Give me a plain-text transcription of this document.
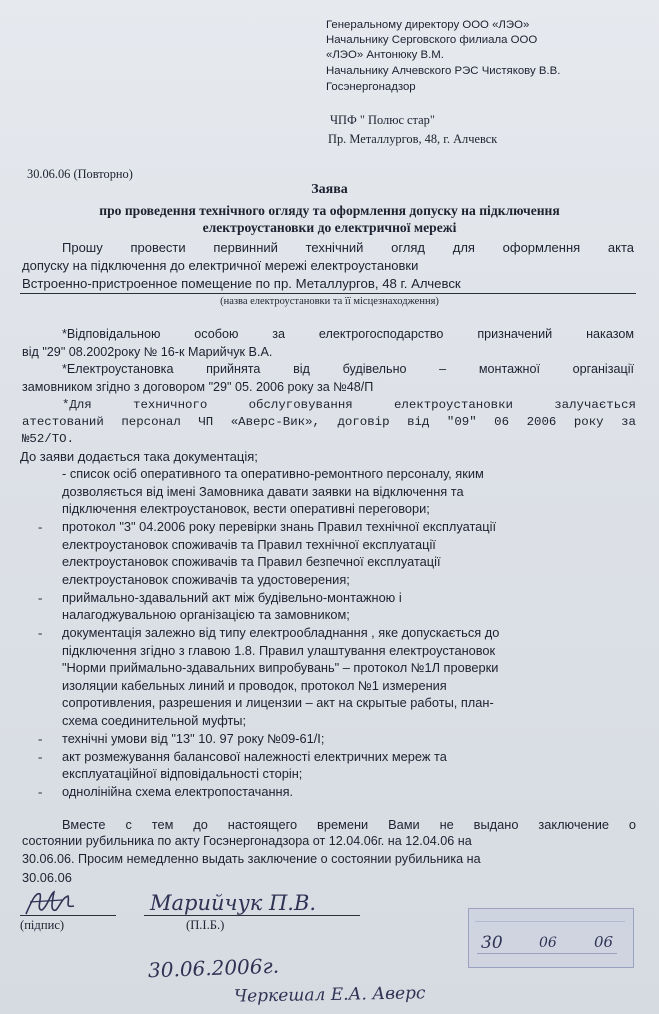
Генеральному директору ООО «ЛЭО»
Начальнику Серговского филиала ООО
«ЛЭО» Антонюку В.М.
Начальнику Алчевского РЭС Чистякову В.В.
Госэнергонадзор
ЧПФ " Полюс стар"
Пр. Металлургов, 48, г. Алчевск
30.06.06 (Повторно)
Заява
про проведення технічного огляду та оформлення допуску на підключення
електроустановки до електричної мережі
Прошу провести первинний технічний огляд для оформлення акта
допуску на підключення до електричної мережі електроустановки
Встроенно-пристроенное помещение по пр. Металлургов, 48 г. Алчевск
(назва електроустановки та її місцезнаходження)
*Відповідальною особою за електрогосподарство призначений наказом
від "29" 08.2002року № 16-к Марийчук В.А.
*Електроустановка прийнята від будівельно – монтажної організації
замовником згідно з договором "29" 05. 2006 року за №48/П
*Для техничного обслуговування електроустановки залучається
атестований персонал ЧП «Аверс-Вик», договір від "09" 06 2006 року за
№52/ТО.
До заяви додається така документація;
- список осіб оперативного та оперативно-ремонтного персоналу, яким
дозволяється від імені Замовника давати заявки на відключення та
підключення електроустановок, вести оперативні переговори;
- протокол "3" 04.2006 року перевірки знань Правил технічної експлуатації
електроустановок споживачів та Правил технічної експлуатації
електроустановок споживачів та Правил безпечної експлуатації
електроустановок споживачів та удостоверения;
- приймально-здавальний акт між будівельно-монтажною і
налагоджувальною організацією та замовником;
- документація залежно від типу електрообладнання , яке допускається до
підключення згідно з главою 1.8. Правил улаштування електроустановок
"Норми приймально-здавальних випробувань" – протокол №1Л проверки
изоляции кабельных линий и проводок, протокол №1 измерения
сопротивления, разрешения и лицензии – акт на скрытые работы, план-
схема соединительной муфты;
- технічні умови від "13" 10. 97 року №09-61/І;
- акт розмежування балансової належності електричних мереж та
експлуатаційної відповідальності сторін;
- однолінійна схема електропостачання.
Вместе с тем до настоящего времени Вами не выдано заключение о
состоянии рубильника по акту Госэнергонадзора от 12.04.06г. на 12.04.06 на
30.06.06. Просим немедленно выдать заключение о состоянии рубильника на
30.06.06
(підпис)
Марийчук П.В.
(П.І.Б.)
30	06 06
30.06.2006г.
Черкешал Е.А. Аверс
